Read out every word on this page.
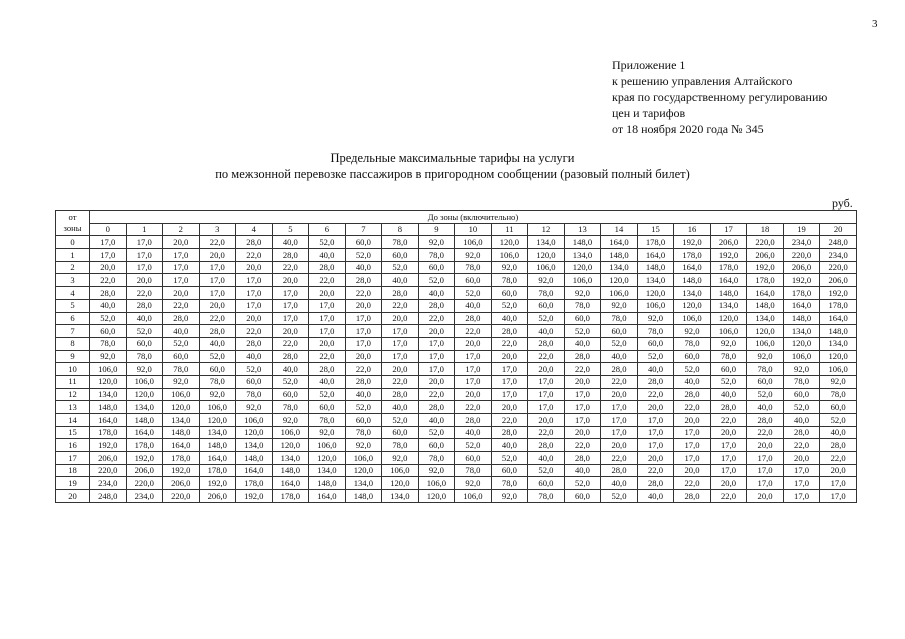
3
Приложение 1
к решению управления Алтайского
края по государственному регулированию
цен и тарифов
от 18 ноября 2020 года № 345
Предельные максимальные тарифы на услуги
по межзонной перевозке пассажиров в пригородном сообщении (разовый полный билет)
руб.
от
зоны	До зоны (включительно)																				
	0	1	2	3	4	5	6	7	8	9	10	11	12	13	14	15	16	17	18	19	20
0	17,0	17,0	20,0	22,0	28,0	40,0	52,0	60,0	78,0	92,0	106,0	120,0	134,0	148,0	164,0	178,0	192,0	206,0	220,0	234,0	248,0
1	17,0	17,0	17,0	20,0	22,0	28,0	40,0	52,0	60,0	78,0	92,0	106,0	120,0	134,0	148,0	164,0	178,0	192,0	206,0	220,0	234,0
2	20,0	17,0	17,0	17,0	20,0	22,0	28,0	40,0	52,0	60,0	78,0	92,0	106,0	120,0	134,0	148,0	164,0	178,0	192,0	206,0	220,0
3	22,0	20,0	17,0	17,0	17,0	20,0	22,0	28,0	40,0	52,0	60,0	78,0	92,0	106,0	120,0	134,0	148,0	164,0	178,0	192,0	206,0
4	28,0	22,0	20,0	17,0	17,0	17,0	20,0	22,0	28,0	40,0	52,0	60,0	78,0	92,0	106,0	120,0	134,0	148,0	164,0	178,0	192,0
5	40,0	28,0	22,0	20,0	17,0	17,0	17,0	20,0	22,0	28,0	40,0	52,0	60,0	78,0	92,0	106,0	120,0	134,0	148,0	164,0	178,0
6	52,0	40,0	28,0	22,0	20,0	17,0	17,0	17,0	20,0	22,0	28,0	40,0	52,0	60,0	78,0	92,0	106,0	120,0	134,0	148,0	164,0
7	60,0	52,0	40,0	28,0	22,0	20,0	17,0	17,0	17,0	20,0	22,0	28,0	40,0	52,0	60,0	78,0	92,0	106,0	120,0	134,0	148,0
8	78,0	60,0	52,0	40,0	28,0	22,0	20,0	17,0	17,0	17,0	20,0	22,0	28,0	40,0	52,0	60,0	78,0	92,0	106,0	120,0	134,0
9	92,0	78,0	60,0	52,0	40,0	28,0	22,0	20,0	17,0	17,0	17,0	20,0	22,0	28,0	40,0	52,0	60,0	78,0	92,0	106,0	120,0
10	106,0	92,0	78,0	60,0	52,0	40,0	28,0	22,0	20,0	17,0	17,0	17,0	20,0	22,0	28,0	40,0	52,0	60,0	78,0	92,0	106,0
11	120,0	106,0	92,0	78,0	60,0	52,0	40,0	28,0	22,0	20,0	17,0	17,0	17,0	20,0	22,0	28,0	40,0	52,0	60,0	78,0	92,0
12	134,0	120,0	106,0	92,0	78,0	60,0	52,0	40,0	28,0	22,0	20,0	17,0	17,0	17,0	20,0	22,0	28,0	40,0	52,0	60,0	78,0
13	148,0	134,0	120,0	106,0	92,0	78,0	60,0	52,0	40,0	28,0	22,0	20,0	17,0	17,0	17,0	20,0	22,0	28,0	40,0	52,0	60,0
14	164,0	148,0	134,0	120,0	106,0	92,0	78,0	60,0	52,0	40,0	28,0	22,0	20,0	17,0	17,0	17,0	20,0	22,0	28,0	40,0	52,0
15	178,0	164,0	148,0	134,0	120,0	106,0	92,0	78,0	60,0	52,0	40,0	28,0	22,0	20,0	17,0	17,0	17,0	20,0	22,0	28,0	40,0
16	192,0	178,0	164,0	148,0	134,0	120,0	106,0	92,0	78,0	60,0	52,0	40,0	28,0	22,0	20,0	17,0	17,0	17,0	20,0	22,0	28,0
17	206,0	192,0	178,0	164,0	148,0	134,0	120,0	106,0	92,0	78,0	60,0	52,0	40,0	28,0	22,0	20,0	17,0	17,0	17,0	20,0	22,0
18	220,0	206,0	192,0	178,0	164,0	148,0	134,0	120,0	106,0	92,0	78,0	60,0	52,0	40,0	28,0	22,0	20,0	17,0	17,0	17,0	20,0
19	234,0	220,0	206,0	192,0	178,0	164,0	148,0	134,0	120,0	106,0	92,0	78,0	60,0	52,0	40,0	28,0	22,0	20,0	17,0	17,0	17,0
20	248,0	234,0	220,0	206,0	192,0	178,0	164,0	148,0	134,0	120,0	106,0	92,0	78,0	60,0	52,0	40,0	28,0	22,0	20,0	17,0	17,0
